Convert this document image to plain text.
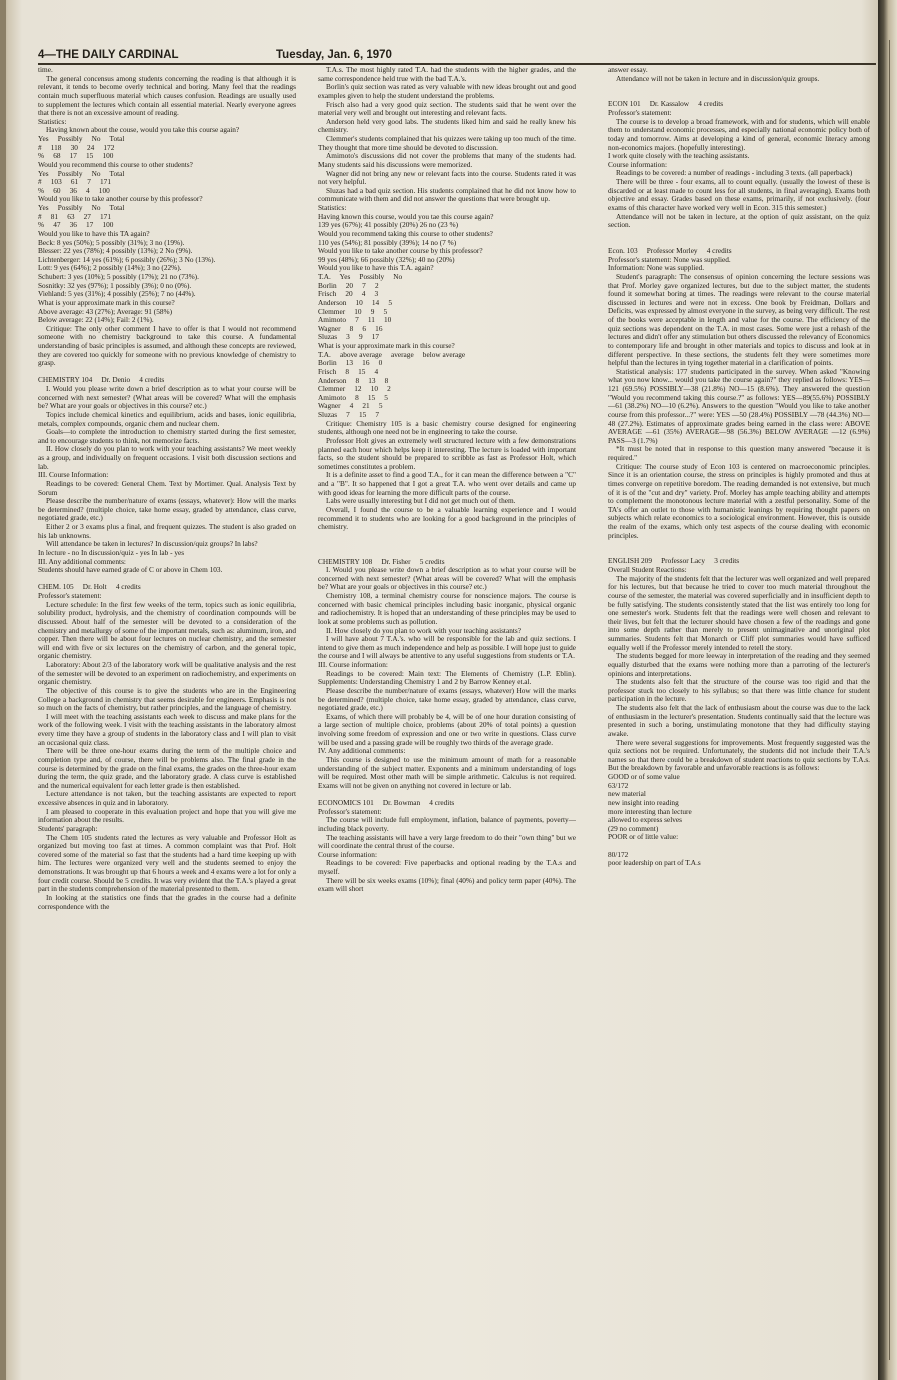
4—THE DAILY CARDINAL	Tuesday, Jan. 6, 1970
time.
The general concensus among students concerning the reading is that although it is relevant, it tends to become overly technical and boring. Many feel that the readings contain much superfluous material which causes confusion. Readings are usually used to supplement the lectures which contain all essential material. Nearly everyone agrees that there is not an excessive amount of reading.
Statistics:
Having known about the couse, would you take this course again?
Yes     Possibly     No     Total
#     118     30     24     172
%     68     17     15     100
Would you recommend this course to other students?
Yes     Possibly     No     Total
#     103     61     7     171
%     60     36     4     100
Would you like to take another course by this professor?
Yes     Possibly     No     Total
#     81     63     27     171
%     47     36     17     100
Would you like to have this TA again?
Beck: 8 yes (50%); 5 possibly (31%); 3 no (19%).
Blesser: 22 yes (78%); 4 possibly (13%); 2 No (9%).
Lichtenberger: 14 yes (61%); 6 possibly (26%); 3 No (13%).
Lott: 9 yes (64%); 2 possibly (14%); 3 no (22%).
Schubert: 3 yes (10%); 5 possibly (17%); 21 no (73%).
Sosnitky: 32 yes (97%); 1 possibly (3%); 0 no (0%).
Viehland: 5 yes (31%); 4 possibly (25%); 7 no (44%).
What is your approximate mark in this course?
Above average: 43 (27%); Average: 91 (58%)
Below average: 22 (14%); Fail: 2 (1%).
Critique: The only other comment I have to offer is that I would not recommend someone with no chemistry background to take this course. A fundamental understanding of basic principles is assumed, and although these concepts are reviewed, they are covered too quickly for someone with no previous knowledge of chemistry to grasp.
CHEMISTRY 104     Dr. Denio     4 credits
I. Would you please write down a brief description as to what your course will be concerned with next semester? (What areas will be covered? What will the emphasis be? What are your goals or objectives in this course? etc.)
Topics include chemical kinetics and equilibrium, acids and bases, ionic equilibria, metals, complex compounds, organic chem and nuclear chem.
Goals—to complete the introduction to chemistry started during the first semester, and to encourage students to think, not memorize facts.
II. How closely do you plan to work with your teaching assistants? We meet weekly as a group, and individually on frequent occasions. I visit both discussion sections and lab.
III. Course Information:
Readings to be covered: General Chem. Text by Mortimer. Qual. Analysis Text by Sorum
Please describe the number/nature of exams (essays, whatever): How will the marks be determined? (multiple choice, take home essay, graded by attendance, class curve, negotiated grade, etc.)
Either 2 or 3 exams plus a final, and frequent quizzes. The student is also graded on his lab unknowns.
Will attendance be taken in lectures? In discussion/quiz groups? In labs?
In lecture - no In discussion/quiz - yes In lab - yes
III. Any additional comments:
Students should have earned grade of C or above in Chem 103.
CHEM. 105     Dr. Holt     4 credits
Professor's statement:
Lecture schedule: In the first few weeks of the term, topics such as ionic equilibria, solubility product, hydrolysis, and the chemistry of coordination compounds will be discussed. About half of the semester will be devoted to a consideration of the chemistry and metallurgy of some of the important metals, such as: aluminum, iron, and copper. Then there will be about four lectures on nuclear chemistry, and the semester will end with five or six lectures on the chemistry of carbon, and the general topic, organic chemistry.
Laboratory: About 2/3 of the laboratory work will be qualitative analysis and the rest of the semester will be devoted to an experiment on radiochemistry, and experiments on organic chemistry.
The objective of this course is to give the students who are in the Engineering College a background in chemistry that seems desirable for engineers. Emphasis is not so much on the facts of chemistry, but rather principles, and the language of chemistry.
I will meet with the teaching assistants each week to discuss and make plans for the work of the following week. I visit with the teaching assistants in the laboratory almost every time they have a group of students in the laboratory class and I will plan to visit an occasional quiz class.
There will be three one-hour exams during the term of the multiple choice and completion type and, of course, there will be problems also. The final grade in the course is determined by the grade on the final exams, the grades on the three-hour exam during the term, the quiz grade, and the laboratory grade. A class curve is established and the numerical equivalent for each letter grade is then established.
Lecture attendance is not taken, but the teaching assistants are expected to report excessive absences in quiz and in laboratory.
I am pleased to cooperate in this evaluation project and hope that you will give me information about the results.
Students' paragraph:
The Chem 105 students rated the lectures as very valuable and Professor Holt as organized but moving too fast at times. A common complaint was that Prof. Holt covered some of the material so fast that the students had a hard time keeping up with him. The lectures were organized very well and the students seemed to enjoy the demonstrations. It was brought up that 6 hours a week and 4 exams were a lot for only a four credit course. Should be 5 credits. It was very evident that the T.A.'s played a great part in the students comprehension of the material presented to them.
In looking at the statistics one finds that the grades in the course had a definite correspondence with the
T.A.s. The most highly rated T.A. had the students with the higher grades, and the same correspondence held true with the bad T.A.'s.
Borlin's quiz section was rated as very valuable with new ideas brought out and good examples given to help the student understand the problems.
Frisch also had a very good quiz section. The students said that he went over the material very well and brought out interesting and relevant facts.
Anderson held very good labs. The students liked him and said he really knew his chemistry.
Clemmer's students complained that his quizzes were taking up too much of the time. They thought that more time should be devoted to discussion.
Amimoto's discussions did not cover the problems that many of the students had. Many students said his discussions were memorized.
Wagner did not bring any new or relevant facts into the course. Students rated it was not very helpful.
Sluzas had a bad quiz section. His students complained that he did not know how to communicate with them and did not answer the questions that were brought up.
Statistics:
Having known this course, would you tae this course again?
139 yes (67%); 41 possibly (20%) 26 no (23 %)
Would you recommend taking this course to other students?
110 yes (54%); 81 possibly (39%); 14 no (7 %)
Would you like to take another course by this professor?
99 yes (48%); 66 possibly (32%); 40 no (20%)
Would you like to have this T.A. again?
T.A.     Yes     Possibly     No
Borlin     20     7     2
Frisch     20     4     3
Anderson     10     14     5
Clemmer     10     9     5
Amimoto     7     11     10
Wagner     8     6     16
Sluzas     3     9     17
What is your approximate mark in this course?
T.A.     above average     average     below average
Borlin     13     16     0
Frisch     8     15     4
Anderson     8     13     8
Clemmer     12     10     2
Amimoto     8     15     5
Wagner     4     21     5
Sluzas     7     15     7
Critique: Chemistry 105 is a basic chemistry course designed for engineering students, although one need not be in engineering to take the course.
Professor Holt gives an extremely well structured lecture with a few demonstrations planned each hour which helps keep it interesting. The lecture is loaded with important facts, so the student should be prepared to scribble as fast as Professor Holt, which sometimes constitutes a problem.
It is a definite asset to find a good T.A., for it can mean the difference between a "C" and a "B". It so happened that I got a great T.A. who went over details and came up with good ideas for learning the more difficult parts of the course.
Labs were usually interesting but I did not get much out of them.
Overall, I found the course to be a valuable learning experience and I would recommend it to students who are looking for a good background in the principles of chemistry.
CHEMISTRY 108     Dr. Fisher     5 credits
I. Would you please write down a brief description as to what your course will be concerned with next semester? (What areas will be covered? What will the emphasis be? What are your goals or objectives in this course? etc.)
Chemistry 108, a terminal chemistry course for nonscience majors. The course is concerned with basic chemical principles including basic inorganic, physical organic and radiochemistry. It is hoped that an understanding of these principles may be used to look at some problems such as pollution.
II. How closely do you plan to work with your teaching assistants?
I will have about 7 T.A.'s. who will be responsible for the lab and quiz sections. I intend to give them as much independence and help as possible. I will hope just to guide the course and I will always be attentive to any useful suggestions from students or T.A.
III. Course information:
Readings to be covered: Main text: The Elements of Chemistry (L.P. Eblin). Supplements: Understanding Chemistry 1 and 2 by Barrow Kenney et.al.
Please describe the number/nature of exams (essays, whatever) How will the marks be determined? (multiple choice, take home essay, graded by attendance, class curve, negotiated grade, etc.)
Exams, of which there will probably be 4, will be of one hour duration consisting of a large section of multiple choice, problems (about 20% of total points) a question involving some freedom of expression and one or two write in questions. Class curve will be used and a passing grade will be roughly two thirds of the average grade.
IV. Any additional comments:
This course is designed to use the minimum amount of math for a reasonable understanding of the subject matter. Exponents and a minimum understanding of logs will be required. Most other math will be simple arithmetic. Calculus is not required. Exams will not be given on anything not covered in lecture or lab.
ECONOMICS 101     Dr. Bowman     4 credits
Professor's statement:
The course will include full employment, inflation, balance of payments, poverty—including black poverty.
The teaching assistants will have a very large freedom to do their "own thing" but we will coordinate the central thrust of the course.
Course information:
Readings to be covered: Five paperbacks and optional reading by the T.A.s and myself.
There will be six weeks exams (10%); final (40%) and policy term paper (40%). The exam will short
answer essay.
Attendance will not be taken in lecture and in discussion/quiz groups.
ECON 101     Dr. Kassalow     4 credits
Professor's statement:
The course is to develop a broad framework, with and for students, which will enable them to understand economic processes, and especially national economic policy both of today and tomorrow. Aims at developing a kind of general, economic literacy among non-economics majors. (hopefully interesting).
I work quite closely with the teaching assistants.
Course information:
Readings to be covered: a number of readings - including 3 texts. (all paperback)
There will be three - four exams, all to count equally. (usually the lowest of these is discarded or at least made to count less for all students, in final averaging). Exams both objective and essay. Grades based on these exams, primarily, if not exclusively. (four exams of this character have worked very well in Econ. 315 this semester.)
Attendance will not be taken in lecture, at the option of quiz assistant, on the quiz section.
Econ. 103     Professor Morley     4 credits
Professor's statement: None was supplied.
Information: None was supplied.
Student's paragraph: The consensus of opinion concerning the lecture sessions was that Prof. Morley gave organized lectures, but due to the subject matter, the students found it somewhat boring at times. The readings were relevant to the course material discussed in lectures and were not in excess. One book by Freidman, Dollars and Deficits, was expressed by almost everyone in the survey, as being very difficult. The rest of the books were acceptable in length and value for the course. The efficiency of the quiz sections was dependent on the T.A. in most cases. Some were just a rehash of the lectures and didn't offer any stimulation but others discussed the relevancy of Economics to contemporary life and brought in other materials and topics to discuss and look at in different perspective. In these sections, the students felt they were sometimes more helpful than the lectures in tying together material in a clarification of points.
Statistical analysis: 177 students participated in the survey. When asked "Knowing what you now know... would you take the course again?" they replied as follows: YES—121 (69.5%) POSSIBLY—38 (21.8%) NO—15 (8.6%). They answered the question "Would you recommend taking this course.?" as follows: YES—89(55.6%) POSSIBLY—61 (38.2%) NO—10 (6.2%). Answers to the question "Would you like to take another course from this professor...?" were: YES —50 (28.4%) POSSIBLY —78 (44.3%) NO—48 (27.2%). Estimates of approximate grades being earned in the class were: ABOVE AVERAGE —61 (35%) AVERAGE—98 (56.3%) BELOW AVERAGE —12 (6.9%) PASS—3 (1.7%)
*It must be noted that in response to this question many answered "because it is required."
Critique: The course study of Econ 103 is centered on macroeconomic principles. Since it is an orientation course, the stress on principles is highly promoted and thus at times converge on repetitive boredom. The reading demanded is not extensive, but much of it is of the "cut and dry" variety. Prof. Morley has ample teaching ability and attempts to complement the monotonous lecture material with a zestful personality. Some of the TA's offer an outlet to those with humanistic leanings by requiring thought papers on subjects which relate economics to a sociological environment. However, this is outside the realm of the exams, which only test aspects of the course dealing with economic principles.
ENGLISH 209     Professor Lacy     3 credits
Overall Student Reactions:
The majority of the students felt that the lecturer was well organized and well prepared for his lectures, but that because he tried to cover too much material throughout the course of the semester, the material was covered superficially and in insufficient depth to be fully satisfying. The students consistently stated that the list was entirely too long for one semester's work. Students felt that the readings were well chosen and relevant to their lives, but felt that the lecturer should have chosen a few of the readings and gone into some depth rather than merely to present unimaginative and unoriginal plot summaries. Students felt that Monarch or Cliff plot summaries would have sufficed equally well if the Professor merely intended to retell the story.
The students begged for more leeway in interpretation of the reading and they seemed equally disturbed that the exams were nothing more than a parroting of the lecturer's opinions and interpretations.
The students also felt that the structure of the course was too rigid and that the professor stuck too closely to his syllabus; so that there was little chance for student participation in the lecture.
The students also felt that the lack of enthusiasm about the course was due to the lack of enthusiasm in the lecturer's presentation. Students continually said that the lecture was presented in such a boring, unstimulating monotone that they had difficulty staying awake.
There were several suggestions for improvements. Most frequently suggested was the quiz sections not be required. Unfortunately, the students did not include their T.A.'s names so that there could be a breakdown of student reactions to quiz sections by T.A.s. But the breakdown by favorable and unfavorable reactions is as follows:
GOOD or of some value
63/172
new material
new insight into reading
more interesting than lecture
allowed to express selves
(29 no comment)
POOR or of little value:
80/172
poor leadership on part of T.A.s
